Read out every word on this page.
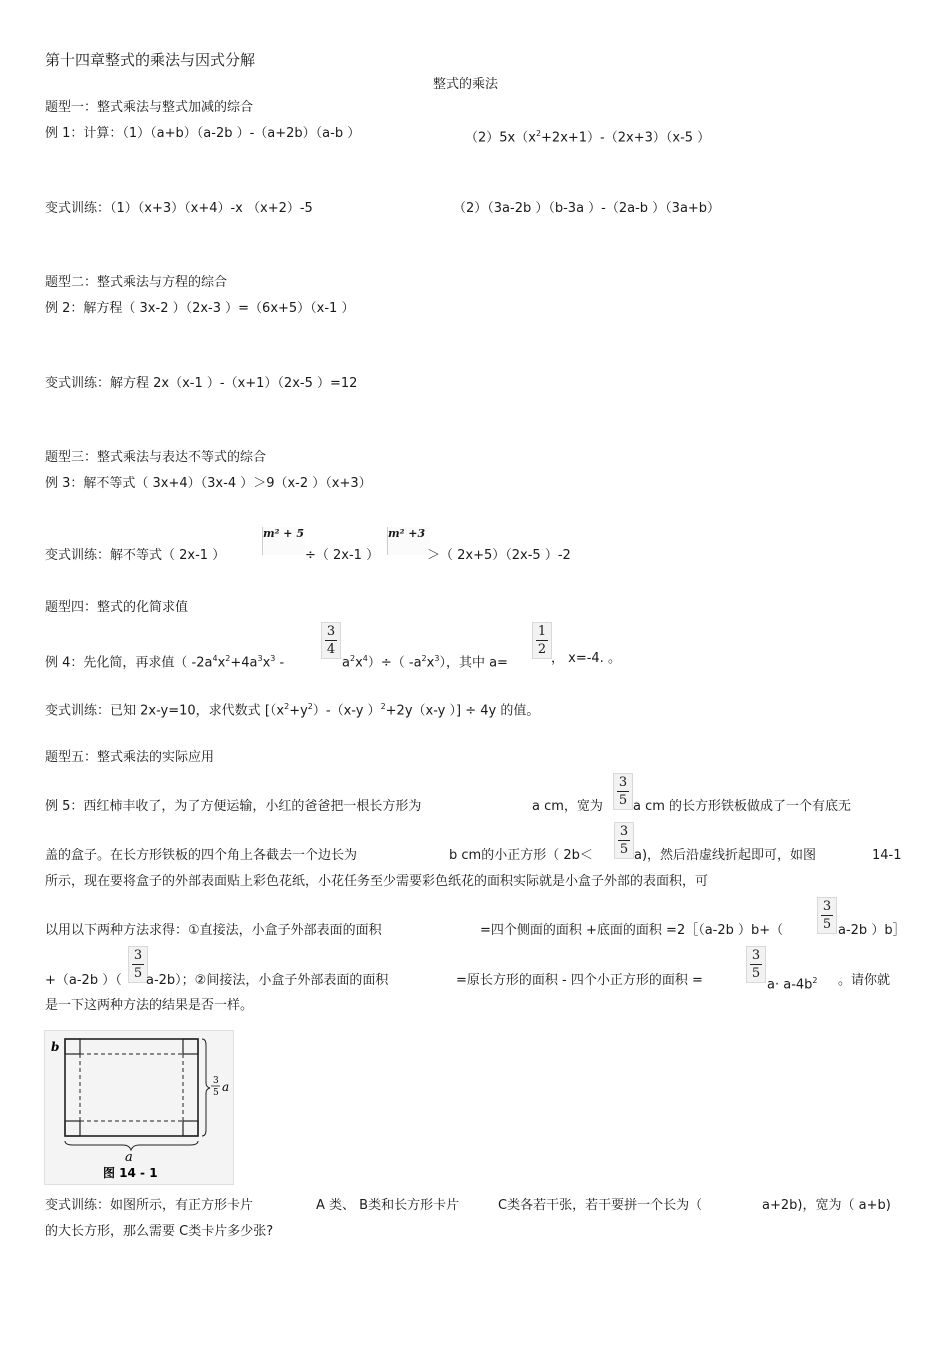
第十四章整式的乘法与因式分解
整式的乘法
题型一：整式乘法与整式加减的综合
例 1：计算：（1）（a+b）（a-2b ）-（a+2b）（a-b ）	$(2)5x(x^2+2x+1)-(2x+3)(x-5$ ）
变式训练：（1）（x+3）（x+4）-x （x+2）-5	（2）（3a-2b ）（b-3a ）-（2a-b ）（3a+b）
题型二：整式乘法与方程的综合
例 2：解方程（ 3x-2 ）（2x-3 ）=（6x+5）（x-1 ）
变式训练：解方程 2x（x-1 ）-（x+1）（2x-5 ）=12
题型三：整式乘法与表达不等式的综合
例 3：解不等式（ 3x+4）（3x-4 ）＞9（x-2 ）（x+3）
变式训练：解不等式（ 2x-1 ）
m² + 5
÷（ 2x-1 ）
m² +3
＞（ 2x+5）（2x-5 ）-2
题型四：整式的化简求值
例 4：先化简，再求值（ $-2a^4x^2+4a^3x^3$ -
3
4
$a^2x^4)\div$（ $-a^2x^3$），其中 a=
1
2
， x=-4. 。
变式训练：已知 2x-y=10，求代数式 [$(x^2+y^2)-(x-y$ ）$^2$+2y（x-y ）] ÷ 4y 的值。
题型五：整式乘法的实际应用
例 5：西红柿丰收了，为了方便运输，小红的爸爸把一根长方形为	a cm，宽为
3
5 a cm 的长方形铁板做成了一个有底无
盖的盒子。在长方形铁板的四个角上各截去一个边长为	b cm的小正方形（ 2b＜
3
5 a)，然后沿虚线折起即可，如图	14-1
所示，现在要将盒子的外部表面贴上彩色花纸，小花任务至少需要彩色纸花的面积实际就是小盒子外部的表面积，可
以用以下两种方法求得：①直接法，小盒子外部表面的面积	=四个侧面的面积 +底面的面积 =2［（a-2b ）b+（
3
5 a-2b ）b］
+（a-2b ）（
3
5 a-2b）；②间接法，小盒子外部表面的面积	=原长方形的面积 - 四个小正方形的面积 =
3
5
$a\cdot a-4b^2$ 。请你就
是一下这两种方法的结果是否一样。
b
a
3
5 a
图 14 - 1
变式训练：如图所示，有正方形卡片	A 类、 B类和长方形卡片	C类各若干张，若干要拼一个长为（	a+2b)，宽为（ a+b)
的大长方形，那么需要 C类卡片多少张?
